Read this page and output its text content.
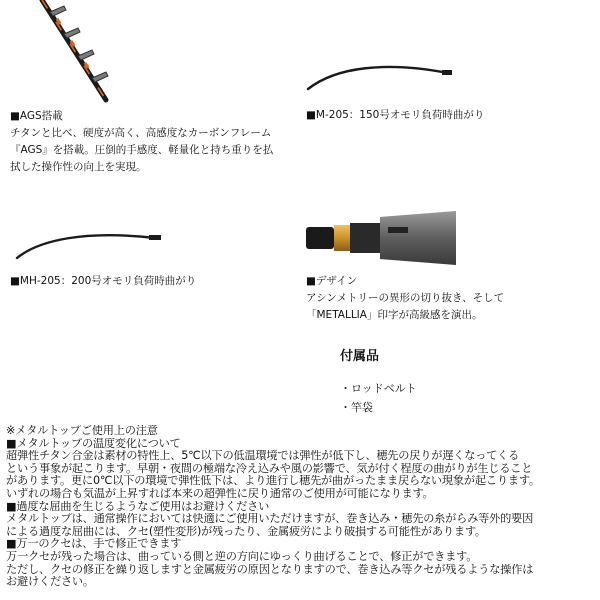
■AGS搭載
チタンと比べ、硬度が高く、高感度なカーボンフレーム
『AGS』を搭載。圧倒的手感度、軽量化と持ち重りを払
拭した操作性の向上を実現。
■M-205：150号オモリ負荷時曲がり
■MH-205：200号オモリ負荷時曲がり	■デザイン
アシンメトリーの異形の切り抜き、そして
「METALLIA」印字が高級感を演出。
付属品
・ロッドベルト
・竿袋
※メタルトップご使用上の注意
■メタルトップの温度変化について
超弾性チタン合金は素材の特性上、5℃以下の低温環境では弾性が低下し、穂先の戻りが遅くなってくる
という事象が起こります。早朝・夜間の極端な冷え込みや風の影響で、気が付く程度の曲がりが生じること
があります。更に0℃以下の環境で弾性低下は、より進行し穂先が曲がったまま戻らない現象が起こります。
いずれの場合も気温が上昇すれば本来の超弾性に戻り通常のご使用が可能になります。
■過度な屈曲を生じるようなご使用はお避けください
メタルトップは、通常操作においては快適にご使用いただけますが、巻き込み・穂先の糸がらみ等外的要因
による過度な屈曲には、クセ(塑性変形)が残ったり、金属疲労により破損する可能性があります。
■万一のクセは、手で修正できます
万一クセが残った場合は、曲っている側と逆の方向にゆっくり曲げることで、修正ができます。
ただし、クセの修正を繰り返しますと金属疲労の原因となりますので、巻き込み等クセが残るような操作は
お避けください。
